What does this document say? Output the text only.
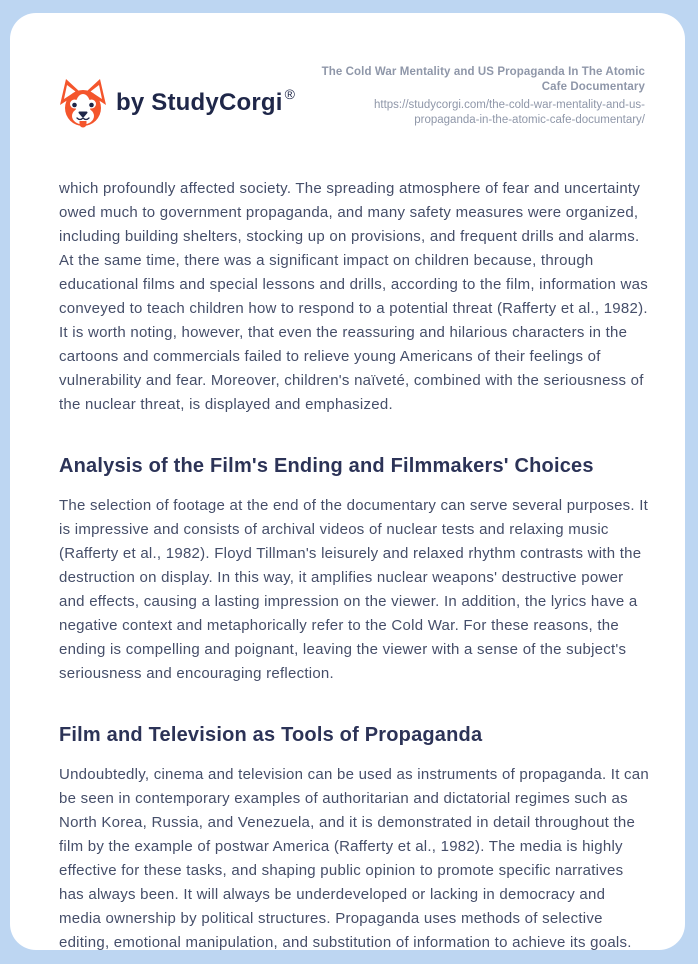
by StudyCorgi ®
The Cold War Mentality and US Propaganda In The Atomic Cafe Documentary
https://studycorgi.com/the-cold-war-mentality-and-us-propaganda-in-the-atomic-cafe-documentary/

which profoundly affected society. The spreading atmosphere of fear and uncertainty owed much to government propaganda, and many safety measures were organized, including building shelters, stocking up on provisions, and frequent drills and alarms. At the same time, there was a significant impact on children because, through educational films and special lessons and drills, according to the film, information was conveyed to teach children how to respond to a potential threat (Rafferty et al., 1982). It is worth noting, however, that even the reassuring and hilarious characters in the cartoons and commercials failed to relieve young Americans of their feelings of vulnerability and fear. Moreover, children's naïveté, combined with the seriousness of the nuclear threat, is displayed and emphasized.

Analysis of the Film's Ending and Filmmakers' Choices

The selection of footage at the end of the documentary can serve several purposes. It is impressive and consists of archival videos of nuclear tests and relaxing music (Rafferty et al., 1982). Floyd Tillman's leisurely and relaxed rhythm contrasts with the destruction on display. In this way, it amplifies nuclear weapons' destructive power and effects, causing a lasting impression on the viewer. In addition, the lyrics have a negative context and metaphorically refer to the Cold War. For these reasons, the ending is compelling and poignant, leaving the viewer with a sense of the subject's seriousness and encouraging reflection.

Film and Television as Tools of Propaganda

Undoubtedly, cinema and television can be used as instruments of propaganda. It can be seen in contemporary examples of authoritarian and dictatorial regimes such as North Korea, Russia, and Venezuela, and it is demonstrated in detail throughout the film by the example of postwar America (Rafferty et al., 1982). The media is highly effective for these tasks, and shaping public opinion to promote specific narratives has always been. It will always be underdeveloped or lacking in democracy and media ownership by political structures. Propaganda uses methods of selective editing, emotional manipulation, and substitution of information to achieve its goals.
